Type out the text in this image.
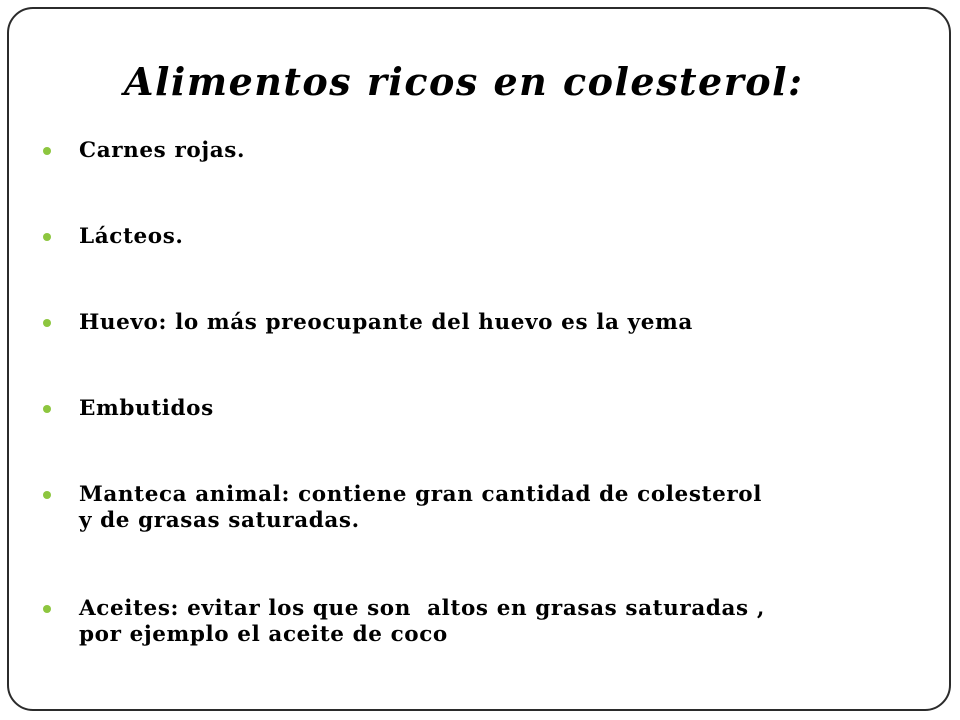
Alimentos ricos en colesterol:
Carnes rojas.
Lácteos.
Huevo: lo más preocupante del huevo es la yema
Embutidos
Manteca animal: contiene gran cantidad de colesterol
y de grasas saturadas.
Aceites: evitar los que son  altos en grasas saturadas ,
por ejemplo el aceite de coco
